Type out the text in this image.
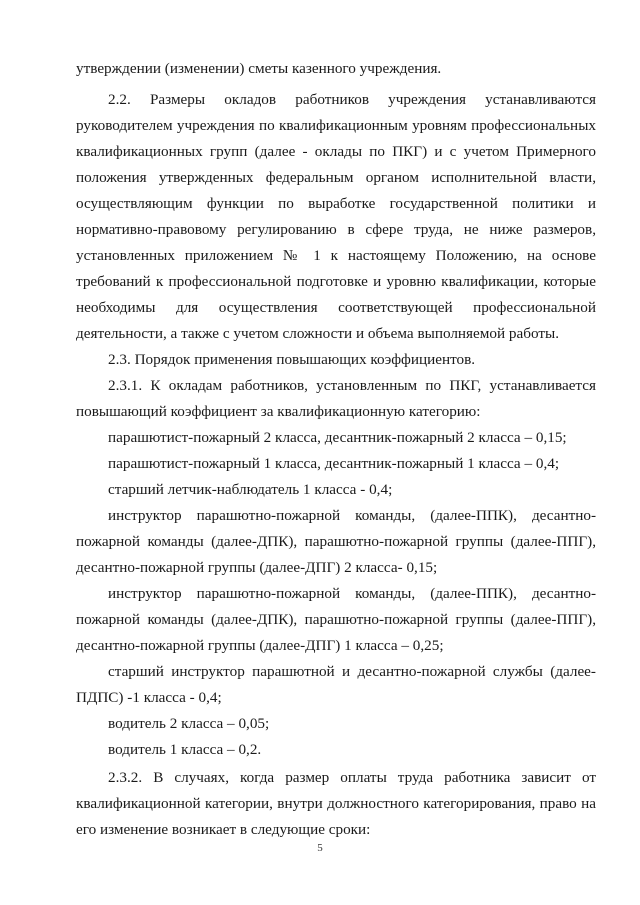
утверждении (изменении) сметы казенного учреждения.
2.2. Размеры окладов работников учреждения устанавливаются
руководителем учреждения по квалификационным уровням профессиональных
квалификационных групп (далее - оклады по ПКГ) и с учетом Примерного
положения утвержденных федеральным органом исполнительной власти,
осуществляющим функции по выработке государственной политики и
нормативно-правовому регулированию в сфере труда, не ниже размеров,
установленных приложением № 1 к настоящему Положению, на основе
требований к профессиональной подготовке и уровню квалификации, которые
необходимы для осуществления соответствующей профессиональной
деятельности, а также с учетом сложности и объема выполняемой работы.
2.3. Порядок применения повышающих коэффициентов.
2.3.1. К окладам работников, установленным по ПКГ, устанавливается
повышающий коэффициент за квалификационную категорию:
парашютист-пожарный 2 класса, десантник-пожарный 2 класса – 0,15;
парашютист-пожарный 1 класса, десантник-пожарный 1 класса – 0,4;
старший летчик-наблюдатель 1 класса - 0,4;
инструктор парашютно-пожарной команды, (далее-ППК), десантно-
пожарной команды (далее-ДПК), парашютно-пожарной группы (далее-ППГ),
десантно-пожарной группы (далее-ДПГ) 2 класса- 0,15;
инструктор парашютно-пожарной команды, (далее-ППК), десантно-
пожарной команды (далее-ДПК), парашютно-пожарной группы (далее-ППГ),
десантно-пожарной группы (далее-ДПГ) 1 класса – 0,25;
старший инструктор парашютной и десантно-пожарной службы (далее-
ПДПС) -1 класса - 0,4;
водитель 2 класса – 0,05;
водитель 1 класса – 0,2.
2.3.2. В случаях, когда размер оплаты труда работника зависит от
квалификационной категории, внутри должностного категорирования, право на
его изменение возникает в следующие сроки:
5
